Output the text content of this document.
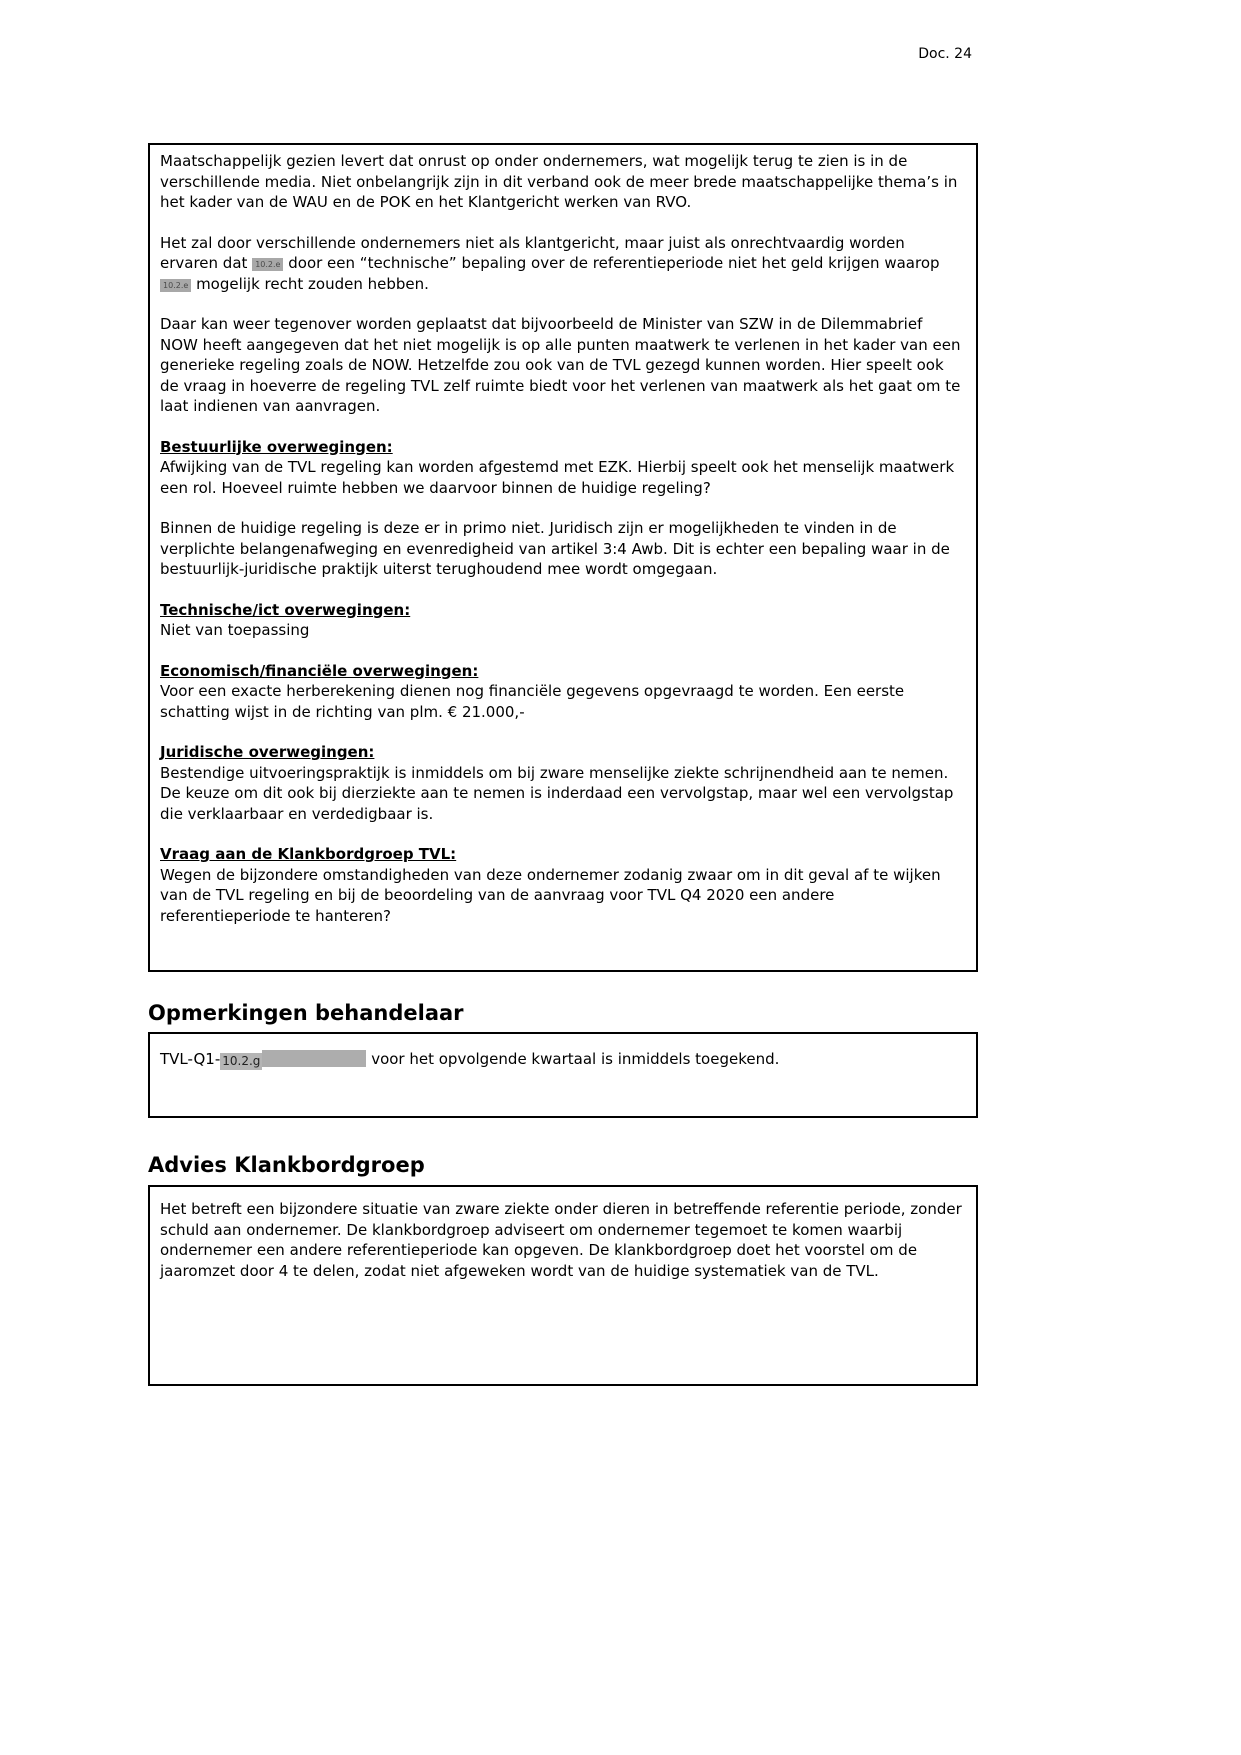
Doc. 24

Maatschappelijk gezien levert dat onrust op onder ondernemers, wat mogelijk terug te zien is in de verschillende media. Niet onbelangrijk zijn in dit verband ook de meer brede maatschappelijke thema’s in het kader van de WAU en de POK en het Klantgericht werken van RVO.

Het zal door verschillende ondernemers niet als klantgericht, maar juist als onrechtvaardig worden ervaren dat 10.2.e door een “technische” bepaling over de referentieperiode niet het geld krijgen waarop 10.2.e mogelijk recht zouden hebben.

Daar kan weer tegenover worden geplaatst dat bijvoorbeeld de Minister van SZW in de Dilemmabrief NOW heeft aangegeven dat het niet mogelijk is op alle punten maatwerk te verlenen in het kader van een generieke regeling zoals de NOW. Hetzelfde zou ook van de TVL gezegd kunnen worden. Hier speelt ook de vraag in hoeverre de regeling TVL zelf ruimte biedt voor het verlenen van maatwerk als het gaat om te laat indienen van aanvragen.

Bestuurlijke overwegingen:

Afwijking van de TVL regeling kan worden afgestemd met EZK. Hierbij speelt ook het menselijk maatwerk een rol. Hoeveel ruimte hebben we daarvoor binnen de huidige regeling?

Binnen de huidige regeling is deze er in primo niet. Juridisch zijn er mogelijkheden te vinden in de verplichte belangenafweging en evenredigheid van artikel 3:4 Awb. Dit is echter een bepaling waar in de bestuurlijk-juridische praktijk uiterst terughoudend mee wordt omgegaan.

Technische/ict overwegingen:

Niet van toepassing

Economisch/financiële overwegingen:

Voor een exacte herberekening dienen nog financiële gegevens opgevraagd te worden. Een eerste schatting wijst in de richting van plm. € 21.000,-

Juridische overwegingen:

Bestendige uitvoeringspraktijk is inmiddels om bij zware menselijke ziekte schrijnendheid aan te nemen. De keuze om dit ook bij dierziekte aan te nemen is inderdaad een vervolgstap, maar wel een vervolgstap die verklaarbaar en verdedigbaar is.

Vraag aan de Klankbordgroep TVL:

Wegen de bijzondere omstandigheden van deze ondernemer zodanig zwaar om in dit geval af te wijken van de TVL regeling en bij de beoordeling van de aanvraag voor TVL Q4 2020 een andere referentieperiode te hanteren?

Opmerkingen behandelaar

TVL-Q1- 10.2.g	voor het opvolgende kwartaal is inmiddels toegekend.

Advies Klankbordgroep

Het betreft een bijzondere situatie van zware ziekte onder dieren in betreffende referentie periode, zonder schuld aan ondernemer. De klankbordgroep adviseert om ondernemer tegemoet te komen waarbij ondernemer een andere referentieperiode kan opgeven. De klankbordgroep doet het voorstel om de jaaromzet door 4 te delen, zodat niet afgeweken wordt van de huidige systematiek van de TVL.
